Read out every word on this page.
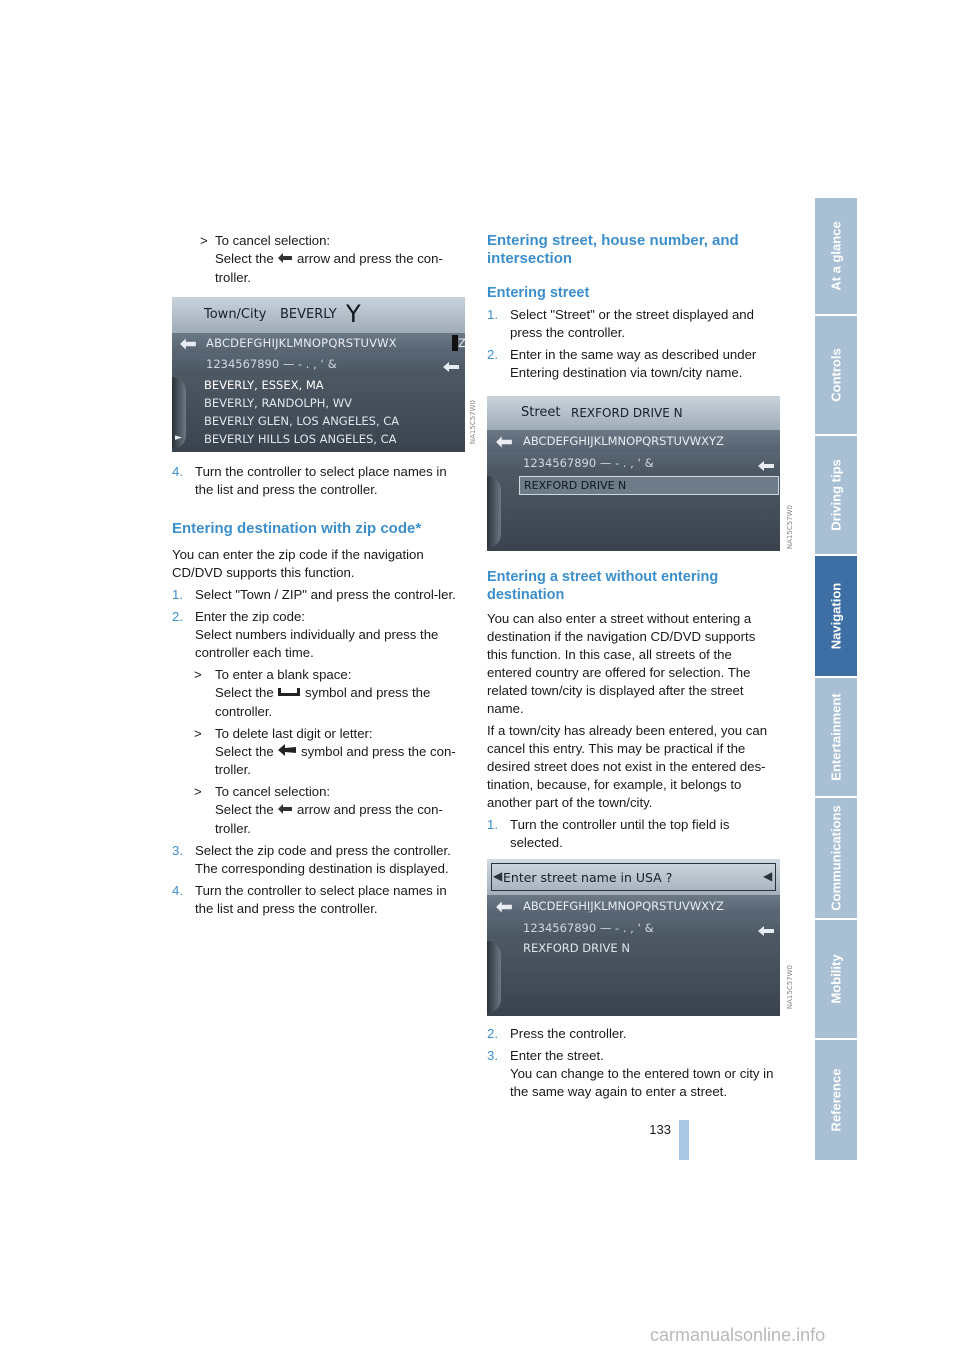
> To cancel selection:

Select the arrow and press the con-

troller.

Town/City BEVERLY Y
ABCDEFGHIJKLMNOPQRSTUVWX	Z
1234567890 — - . , ‘ &
BEVERLY, ESSEX, MA
BEVERLY, RANDOLPH, WV
BEVERLY GLEN, LOS ANGELES, CA
BEVERLY HILLS LOS ANGELES, CA
►	NA15C57W0
4. Turn the controller to select place names in the list and press the controller.

Entering destination with zip code*

You can enter the zip code if the navigation CD/DVD supports this function.

1. Select "Town / ZIP" and press the control-ler.

2. Enter the zip code:

Select numbers individually and press the controller each time.

> To enter a blank space:

Select the symbol and press the

controller.

> To delete last digit or letter:

Select the symbol and press the con-

troller.

> To cancel selection:

Select the arrow and press the con-

troller.

3. Select the zip code and press the controller.

The corresponding destination is displayed.

4. Turn the controller to select place names in the list and press the controller.

Entering street, house number, and intersection
Entering street
1. Select "Street" or the street displayed and press the controller.

2. Enter in the same way as described under Entering destination via town/city name.

Street REXFORD DRIVE N
ABCDEFGHIJKLMNOPQRSTUVWXYZ
1234567890 — - . , ‘ &
REXFORD DRIVE N
NA15C57W0
Entering a street without entering destination

You can also enter a street without entering a destination if the navigation CD/DVD supports this function. In this case, all streets of the entered country are offered for selection. The related town/city is displayed after the street name.

If a town/city has already been entered, you can cancel this entry. This may be practical if the desired street does not exist in the entered des-tination, because, for example, it belongs to another part of the town/city.

1. Turn the controller until the top field is selected.

◀ Enter street name in USA ?	◀
ABCDEFGHIJKLMNOPQRSTUVWXYZ
1234567890 — - . , ‘ &
REXFORD DRIVE N
NA15C57W0
2. Press the controller.

3. Enter the street.

You can change to the entered town or city in the same way again to enter a street.

133
At a glance
Controls
Driving tips
Navigation
Entertainment
Communications
Mobility
Reference
carmanualsonline.info
